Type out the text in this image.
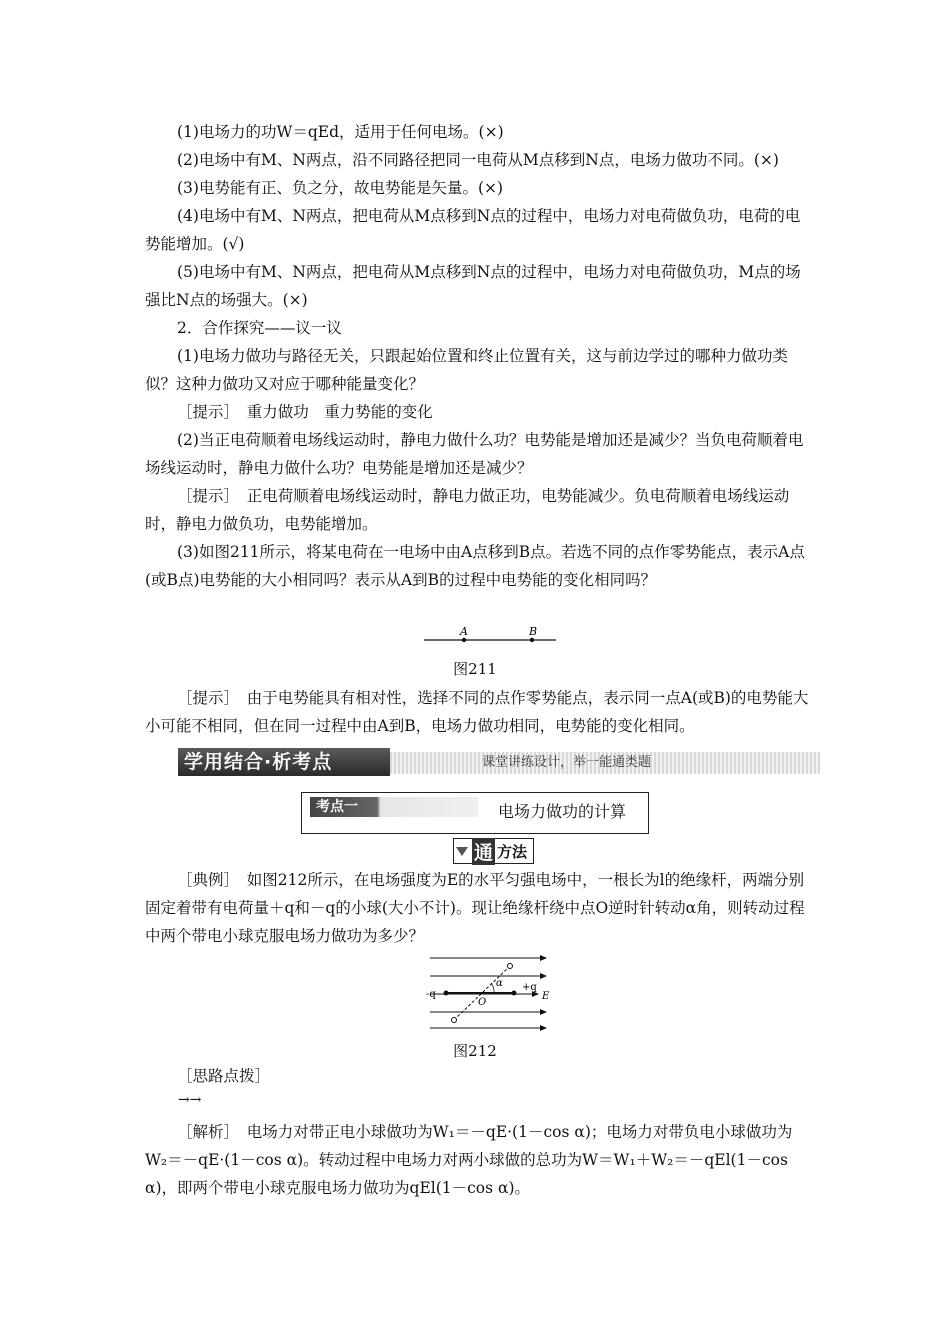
(1)电场力的功W＝qEd，适用于任何电场。(×)

(2)电场中有M、N两点，沿不同路径把同一电荷从M点移到N点，电场力做功不同。(×)

(3)电势能有正、负之分，故电势能是矢量。(×)

(4)电场中有M、N两点，把电荷从M点移到N点的过程中，电场力对电荷做负功，电荷的电势能增加。(√)

(5)电场中有M、N两点，把电荷从M点移到N点的过程中，电场力对电荷做负功，M点的场强比N点的场强大。(×)

2．合作探究——议一议

(1)电场力做功与路径无关，只跟起始位置和终止位置有关，这与前边学过的哪种力做功类似？这种力做功又对应于哪种能量变化？

［提示］　重力做功　重力势能的变化

(2)当正电荷顺着电场线运动时，静电力做什么功？电势能是增加还是减少？当负电荷顺着电场线运动时，静电力做什么功？电势能是增加还是减少？

［提示］　正电荷顺着电场线运动时，静电力做正功，电势能减少。负电荷顺着电场线运动时，静电力做负功，电势能增加。

(3)如图211所示，将某电荷在一电场中由A点移到B点。若选不同的点作零势能点，表示A点(或B点)电势能的大小相同吗？表示从A到B的过程中电势能的变化相同吗？

A	B
图211

［提示］　由于电势能具有相对性，选择不同的点作零势能点，表示同一点A(或B)的电势能大小可能不相同，但在同一过程中由A到B，电场力做功相同，电势能的变化相同。

学用结合·析考点	课堂讲练设计，举一能通类题
考点一	电场力做功的计算
通 方法

［典例］　如图212所示，在电场强度为E的水平匀强电场中，一根长为l的绝缘杆，两端分别固定着带有电荷量＋q和－q的小球(大小不计)。现让绝缘杆绕中点O逆时针转动α角，则转动过程中两个带电小球克服电场力做功为多少？

-q
+q
O
α
E
图212

［思路点拨］

→→

［解析］　电场力对带正电小球做功为W₁＝－qE·(1－cos α)；电场力对带负电小球做功为W₂＝－qE·(1－cos α)。转动过程中电场力对两小球做的总功为W＝W₁＋W₂＝－qEl(1－cos α)，即两个带电小球克服电场力做功为qEl(1－cos α)。
